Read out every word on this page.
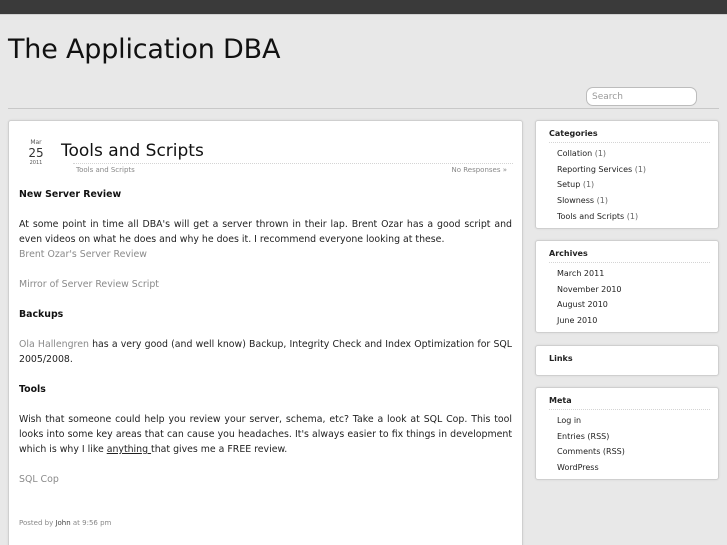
The Application DBA
Search
Mar
25
2011
Tools and Scripts
Tools and Scripts	No Responses »

New Server Review

At some point in time all DBA's will get a server thrown in their lap. Brent Ozar has a good script and even videos on what he does and why he does it. I recommend everyone looking at these.

Brent Ozar's Server Review

Mirror of Server Review Script

Backups

Ola Hallengren has a very good (and well know) Backup, Integrity Check and Index Optimization for SQL 2005/2008.

Tools

Wish that someone could help you review your server, schema, etc? Take a look at SQL Cop. This tool looks into some key areas that can cause you headaches. It's always easier to fix things in development which is why I like anything that gives me a FREE review.

SQL Cop

Posted by John at 9:56 pm
Categories
Collation (1)
Reporting Services (1)
Setup (1)
Slowness (1)
Tools and Scripts (1)
Archives
March 2011
November 2010
August 2010
June 2010
Links
Meta
Log in
Entries (RSS)
Comments (RSS)
WordPress
